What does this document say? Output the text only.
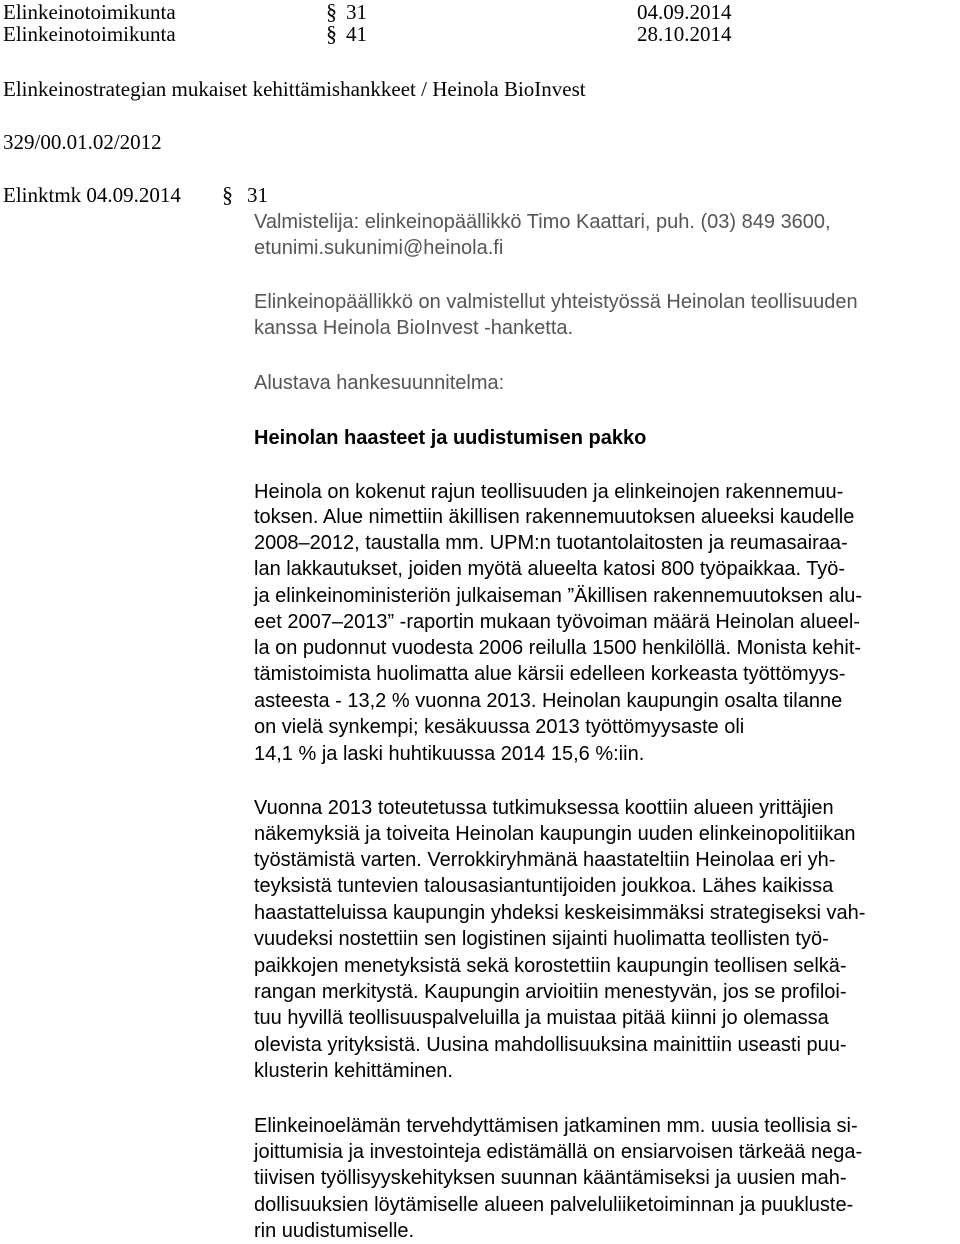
Elinkeinotoimikunta	§ 31	04.09.2014
Elinkeinotoimikunta	§ 41	28.10.2014
Elinkeinostrategian mukaiset kehittämishankkeet / Heinola BioInvest
329/00.01.02/2012
Elinktmk 04.09.2014 § 31
Valmistelija: elinkeinopäällikkö Timo Kaattari, puh. (03) 849 3600,
etunimi.sukunimi@heinola.fi
Elinkeinopäällikkö on valmistellut yhteistyössä Heinolan teollisuuden
kanssa Heinola BioInvest -hanketta.
Alustava hankesuunnitelma:
Heinolan haasteet ja uudistumisen pakko
Heinola on kokenut rajun teollisuuden ja elinkeinojen rakennemuu-
toksen. Alue nimettiin äkillisen rakennemuutoksen alueeksi kaudelle
2008–2012, taustalla mm. UPM:n tuotantolaitosten ja reumasairaa-
lan lakkautukset, joiden myötä alueelta katosi 800 työpaikkaa. Työ-
ja elinkeinoministeriön julkaiseman ”Äkillisen rakennemuutoksen alu-
eet 2007–2013” -raportin mukaan työvoiman määrä Heinolan alueel-
la on pudonnut vuodesta 2006 reilulla 1500 henkilöllä. Monista kehit-
tämistoimista huolimatta alue kärsii edelleen korkeasta työttömyys-
asteesta - 13,2 % vuonna 2013. Heinolan kaupungin osalta tilanne
on vielä synkempi; kesäkuussa 2013 työttömyysaste oli
14,1 % ja laski huhtikuussa 2014 15,6 %:iin.
Vuonna 2013 toteutetussa tutkimuksessa koottiin alueen yrittäjien
näkemyksiä ja toiveita Heinolan kaupungin uuden elinkeinopolitiikan
työstämistä varten. Verrokkiryhmänä haastateltiin Heinolaa eri yh-
teyksistä tuntevien talousasiantuntijoiden joukkoa. Lähes kaikissa
haastatteluissa kaupungin yhdeksi keskeisimmäksi strategiseksi vah-
vuudeksi nostettiin sen logistinen sijainti huolimatta teollisten työ-
paikkojen menetyksistä sekä korostettiin kaupungin teollisen selkä-
rangan merkitystä. Kaupungin arvioitiin menestyvän, jos se profiloi-
tuu hyvillä teollisuuspalveluilla ja muistaa pitää kiinni jo olemassa
olevista yrityksistä. Uusina mahdollisuuksina mainittiin useasti puu-
klusterin kehittäminen.
Elinkeinoelämän tervehdyttämisen jatkaminen mm. uusia teollisia si-
joittumisia ja investointeja edistämällä on ensiarvoisen tärkeää nega-
tiivisen työllisyyskehityksen suunnan kääntämiseksi ja uusien mah-
dollisuuksien löytämiselle alueen palveluliiketoiminnan ja puukluste-
rin uudistumiselle.
